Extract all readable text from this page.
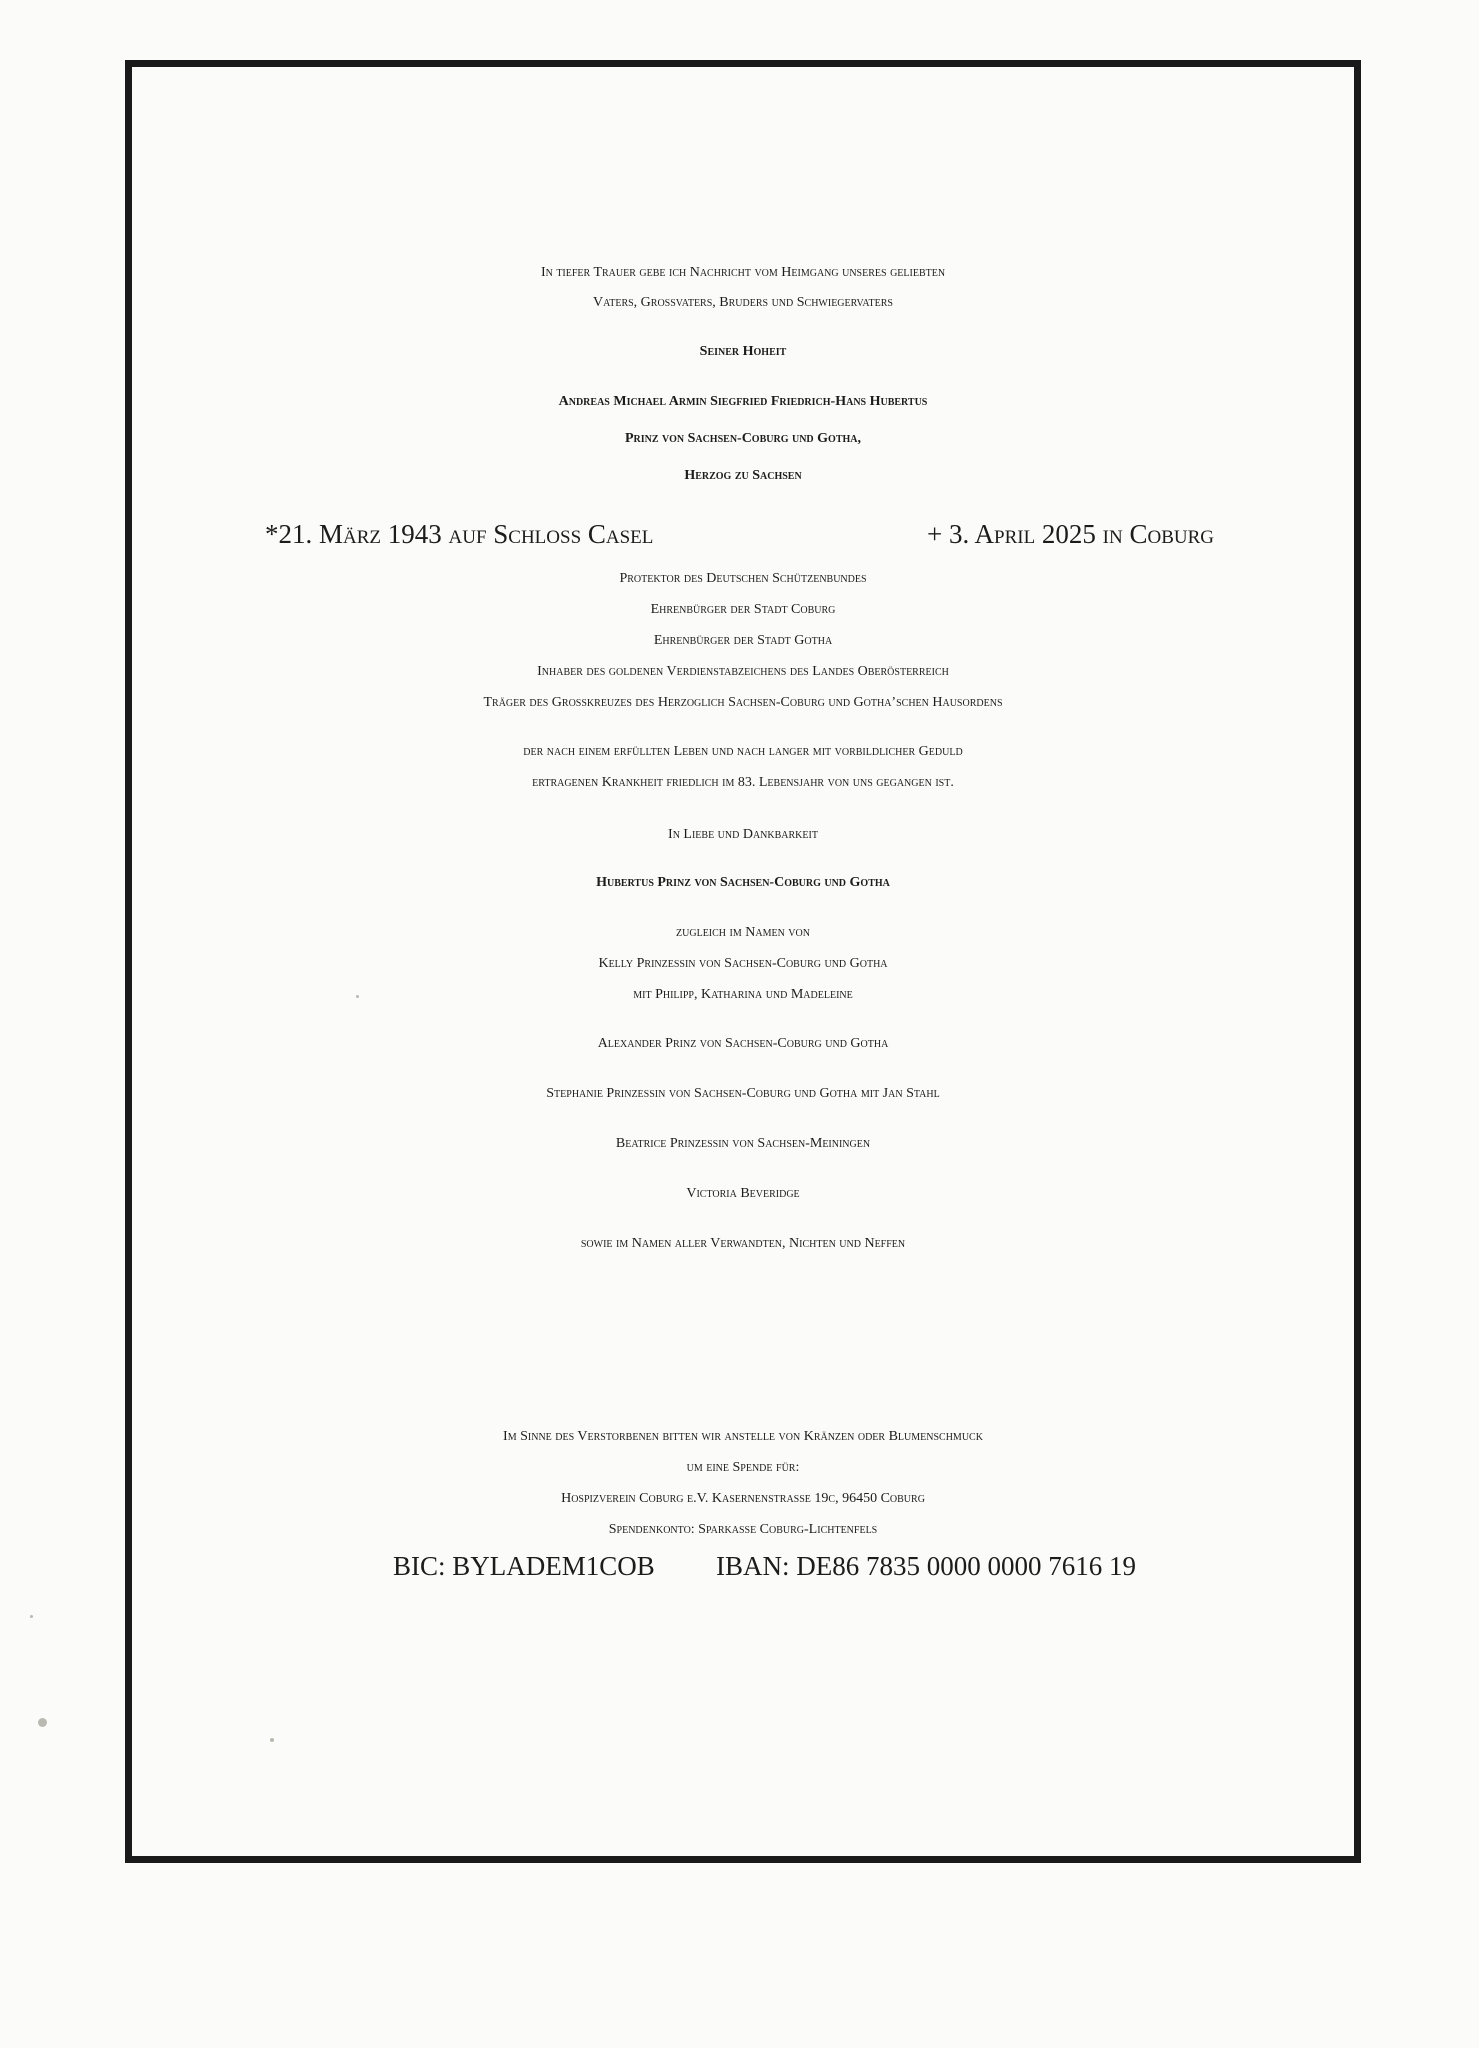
In tiefer Trauer gebe ich Nachricht vom Heimgang unseres geliebten

Vaters, Großvaters, Bruders und Schwiegervaters

Seiner Hoheit

Andreas Michael Armin Siegfried Friedrich-Hans Hubertus

Prinz von Sachsen-Coburg und Gotha,

Herzog zu Sachsen

*21. März 1943 auf Schloss Casel	+ 3. April 2025 in Coburg

Protektor des Deutschen Schützenbundes

Ehrenbürger der Stadt Coburg

Ehrenbürger der Stadt Gotha

Inhaber des goldenen Verdienstabzeichens des Landes Oberösterreich

Träger des Großkreuzes des Herzoglich Sachsen-Coburg und Gotha’schen Hausordens

der nach einem erfüllten Leben und nach langer mit vorbildlicher Geduld

ertragenen Krankheit friedlich im 83. Lebensjahr von uns gegangen ist.

In Liebe und Dankbarkeit

Hubertus Prinz von Sachsen-Coburg und Gotha

zugleich im Namen von

Kelly Prinzessin von Sachsen-Coburg und Gotha

mit Philipp, Katharina und Madeleine

Alexander Prinz von Sachsen-Coburg und Gotha

Stephanie Prinzessin von Sachsen-Coburg und Gotha mit Jan Stahl

Beatrice Prinzessin von Sachsen-Meiningen

Victoria Beveridge

sowie im Namen aller Verwandten, Nichten und Neffen

Im Sinne des Verstorbenen bitten wir anstelle von Kränzen oder Blumenschmuck

um eine Spende für:

Hospizverein Coburg e.V. Kasernenstraße 19c, 96450 Coburg

Spendenkonto: Sparkasse Coburg-Lichtenfels

BIC: BYLADEM1COB IBAN: DE86 7835 0000 0000 7616 19
